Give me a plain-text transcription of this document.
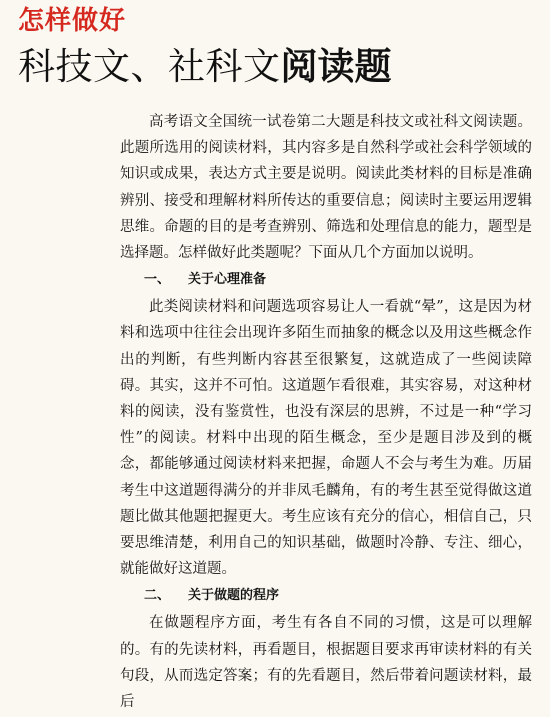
怎样做好
科技文、社科文阅读题

高考语文全国统一试卷第二大题是科技文或社科文阅读题。此题所选用的阅读材料，其内容多是自然科学或社会科学领域的知识或成果，表达方式主要是说明。阅读此类材料的目标是准确辨别、接受和理解材料所传达的重要信息；阅读时主要运用逻辑思维。命题的目的是考查辨别、筛选和处理信息的能力，题型是选择题。怎样做好此类题呢？下面从几个方面加以说明。

一、 关于心理准备

此类阅读材料和问题选项容易让人一看就“晕”，这是因为材料和选项中往往会出现许多陌生而抽象的概念以及用这些概念作出的判断，有些判断内容甚至很繁复，这就造成了一些阅读障碍。其实，这并不可怕。这道题乍看很难，其实容易，对这种材料的阅读，没有鉴赏性，也没有深层的思辨，不过是一种“学习性”的阅读。材料中出现的陌生概念，至少是题目涉及到的概念，都能够通过阅读材料来把握，命题人不会与考生为难。历届考生中这道题得满分的并非凤毛麟角，有的考生甚至觉得做这道题比做其他题把握更大。考生应该有充分的信心，相信自己，只要思维清楚，利用自己的知识基础，做题时冷静、专注、细心，就能做好这道题。

二、 关于做题的程序

在做题程序方面，考生有各自不同的习惯，这是可以理解的。有的先读材料，再看题目，根据题目要求再审读材料的有关句段，从而选定答案；有的先看题目，然后带着问题读材料，最后
